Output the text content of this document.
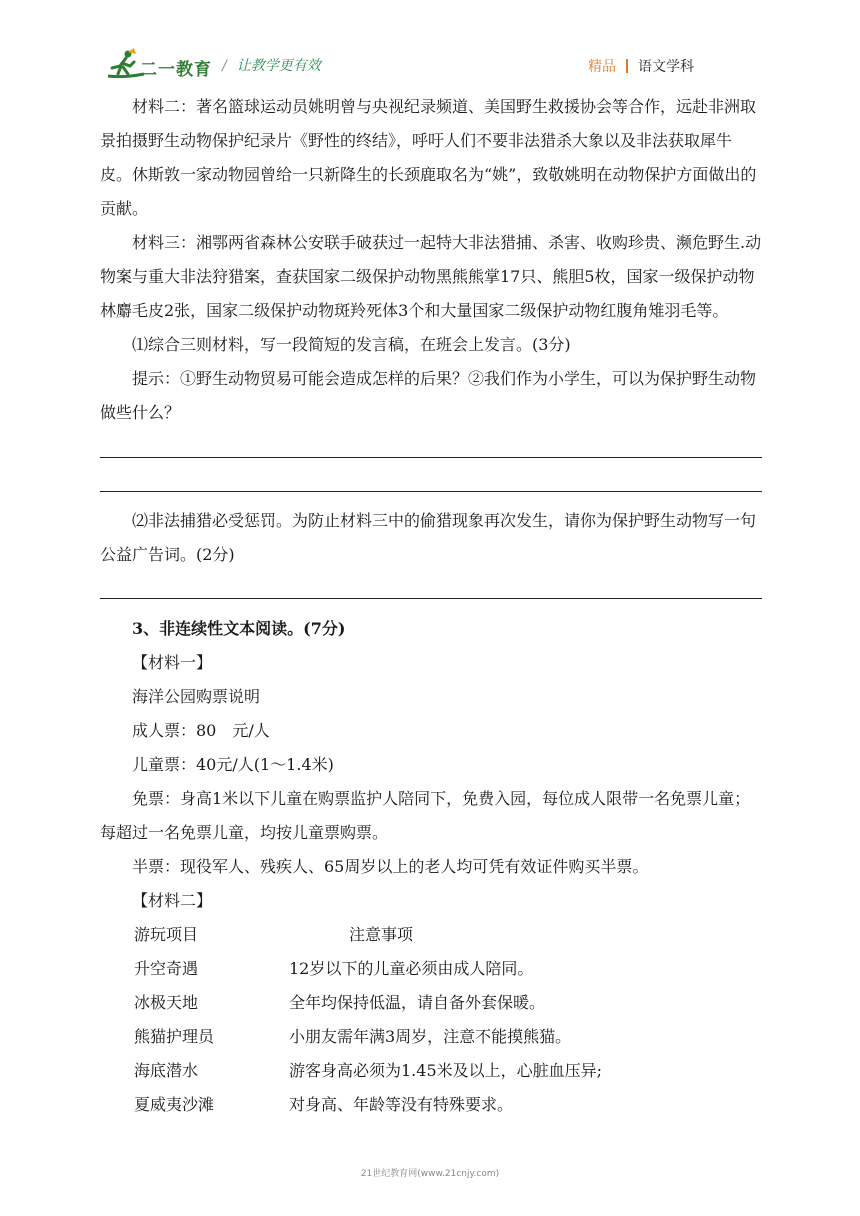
二一教育 / 让教学更有效	精品 语文学科

材料二：著名篮球运动员姚明曾与央视纪录频道、美国野生救援协会等合作，远赴非洲取景拍摄野生动物保护纪录片《野性的终结》，呼吁人们不要非法猎杀大象以及非法获取犀牛皮。休斯敦一家动物园曾给一只新降生的长颈鹿取名为“姚”，致敬姚明在动物保护方面做出的贡献。

材料三：湘鄂两省森林公安联手破获过一起特大非法猎捕、杀害、收购珍贵、濒危野生.动物案与重大非法狩猎案，查获国家二级保护动物黑熊熊掌17只、熊胆5枚，国家一级保护动物林麝毛皮2张，国家二级保护动物斑羚死体3个和大量国家二级保护动物红腹角雉羽毛等。

⑴综合三则材料，写一段简短的发言稿，在班会上发言。(3分)

提示：①野生动物贸易可能会造成怎样的后果？②我们作为小学生，可以为保护野生动物做些什么？

⑵非法捕猎必受惩罚。为防止材料三中的偷猎现象再次发生，请你为保护野生动物写一句公益广告词。(2分)

3、非连续性文本阅读。(7分)

【材料一】

海洋公园购票说明

成人票：80　元/人

儿童票：40元/人(1～1.4米)

免票：身高1米以下儿童在购票监护人陪同下，免费入园，每位成人限带一名免票儿童；每超过一名免票儿童，均按儿童票购票。

半票：现役军人、残疾人、65周岁以上的老人均可凭有效证件购买半票。

【材料二】

游玩项目	注意事项
升空奇遇	12岁以下的儿童必须由成人陪同。
冰极天地	全年均保持低温，请自备外套保暖。
熊猫护理员	小朋友需年满3周岁，注意不能摸熊猫。
海底潜水	游客身高必须为1.45米及以上，心脏血压异;
夏威夷沙滩	对身高、年龄等没有特殊要求。
21世纪教育网(www.21cnjy.com)
